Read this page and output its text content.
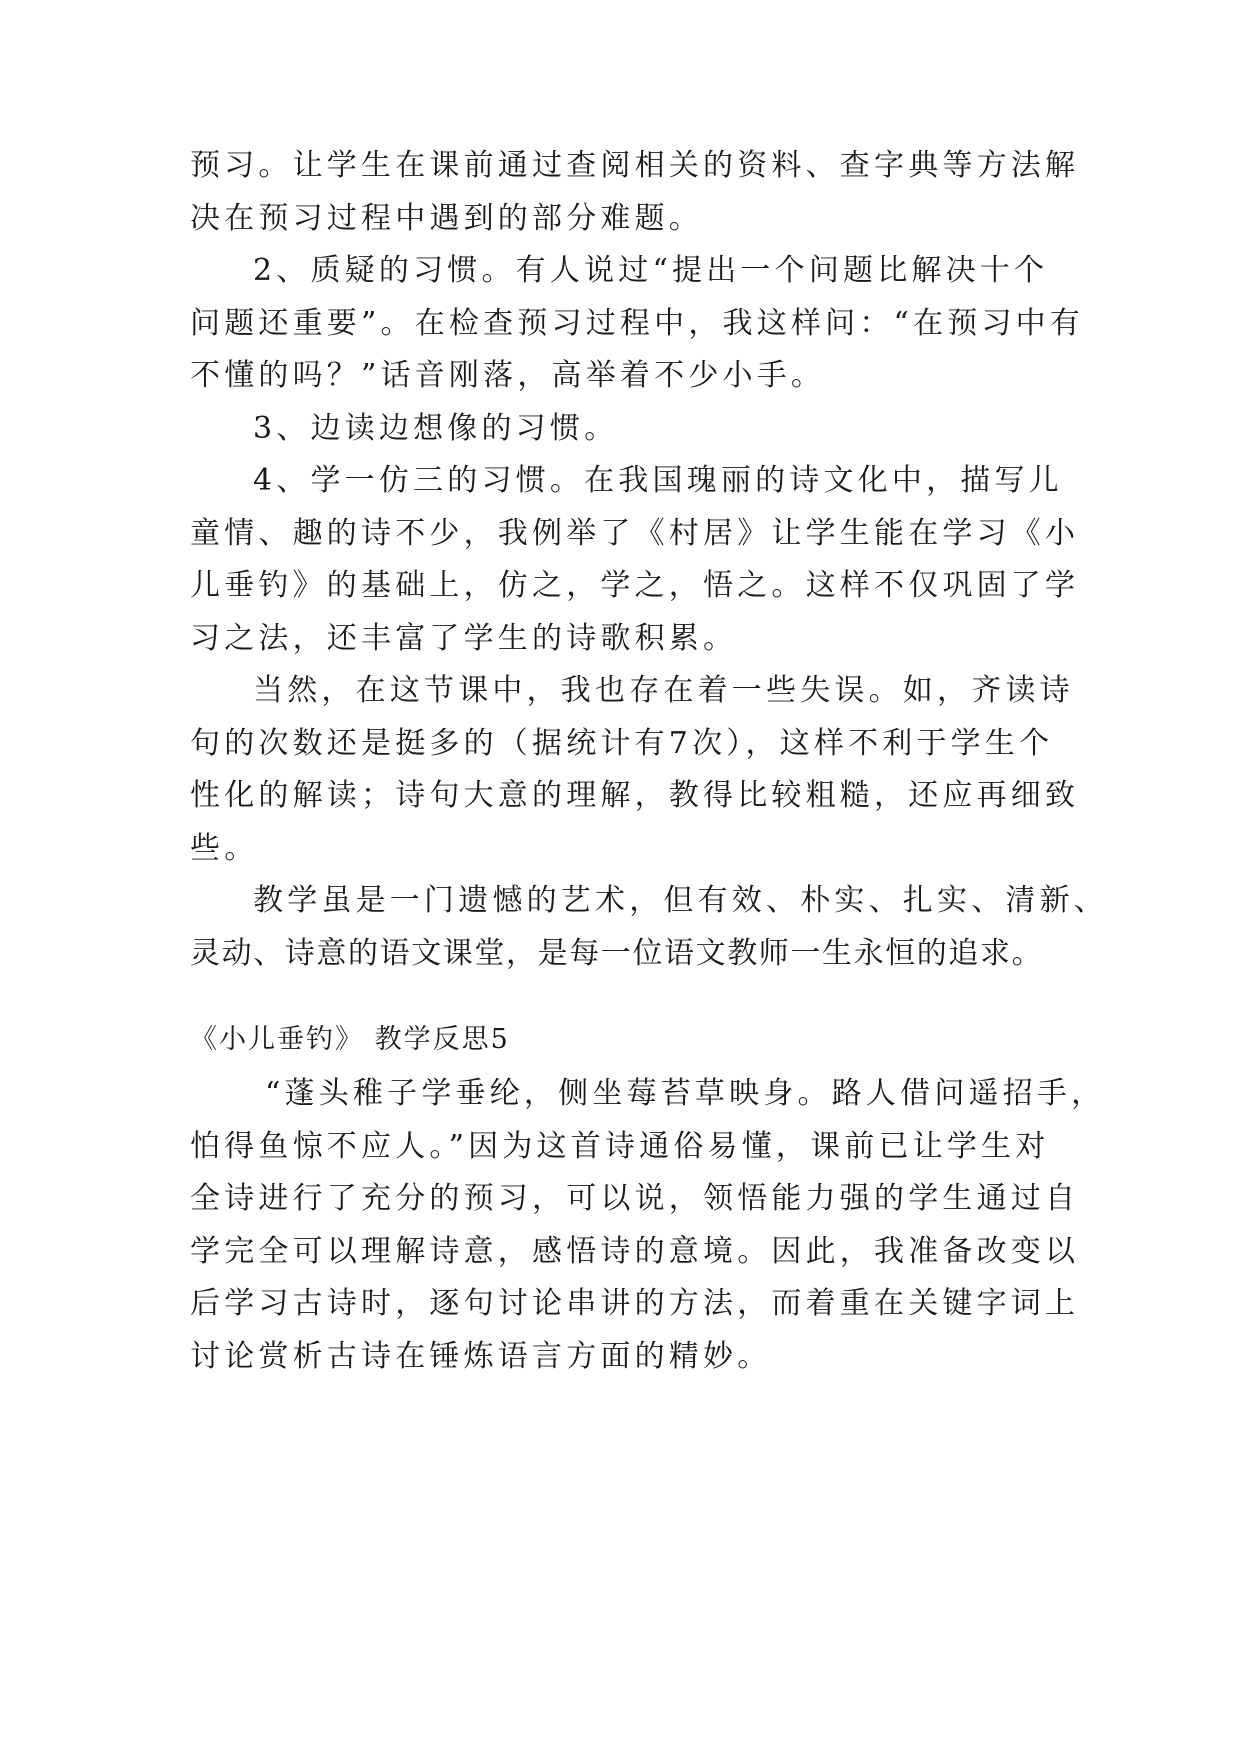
预习。让学生在课前通过查阅相关的资料、查字典等方法解
决在预习过程中遇到的部分难题。
2、质疑的习惯。有人说过“提出一个问题比解决十个
问题还重要”。在检查预习过程中，我这样问：“在预习中有
不懂的吗？”话音刚落，高举着不少小手。
3、边读边想像的习惯。
4、学一仿三的习惯。在我国瑰丽的诗文化中，描写儿
童情、趣的诗不少，我例举了《村居》让学生能在学习《小
儿垂钓》的基础上，仿之，学之，悟之。这样不仅巩固了学
习之法，还丰富了学生的诗歌积累。
当然，在这节课中，我也存在着一些失误。如，齐读诗
句的次数还是挺多的（据统计有7次），这样不利于学生个
性化的解读；诗句大意的理解，教得比较粗糙，还应再细致
些。
教学虽是一门遗憾的艺术，但有效、朴实、扎实、清新、
灵动、诗意的语文课堂，是每一位语文教师一生永恒的追求。
《小儿垂钓》 教学反思5
“蓬头稚子学垂纶，侧坐莓苔草映身。路人借问遥招手，
怕得鱼惊不应人。”因为这首诗通俗易懂，课前已让学生对
全诗进行了充分的预习，可以说，领悟能力强的学生通过自
学完全可以理解诗意，感悟诗的意境。因此，我准备改变以
后学习古诗时，逐句讨论串讲的方法，而着重在关键字词上
讨论赏析古诗在锤炼语言方面的精妙。
